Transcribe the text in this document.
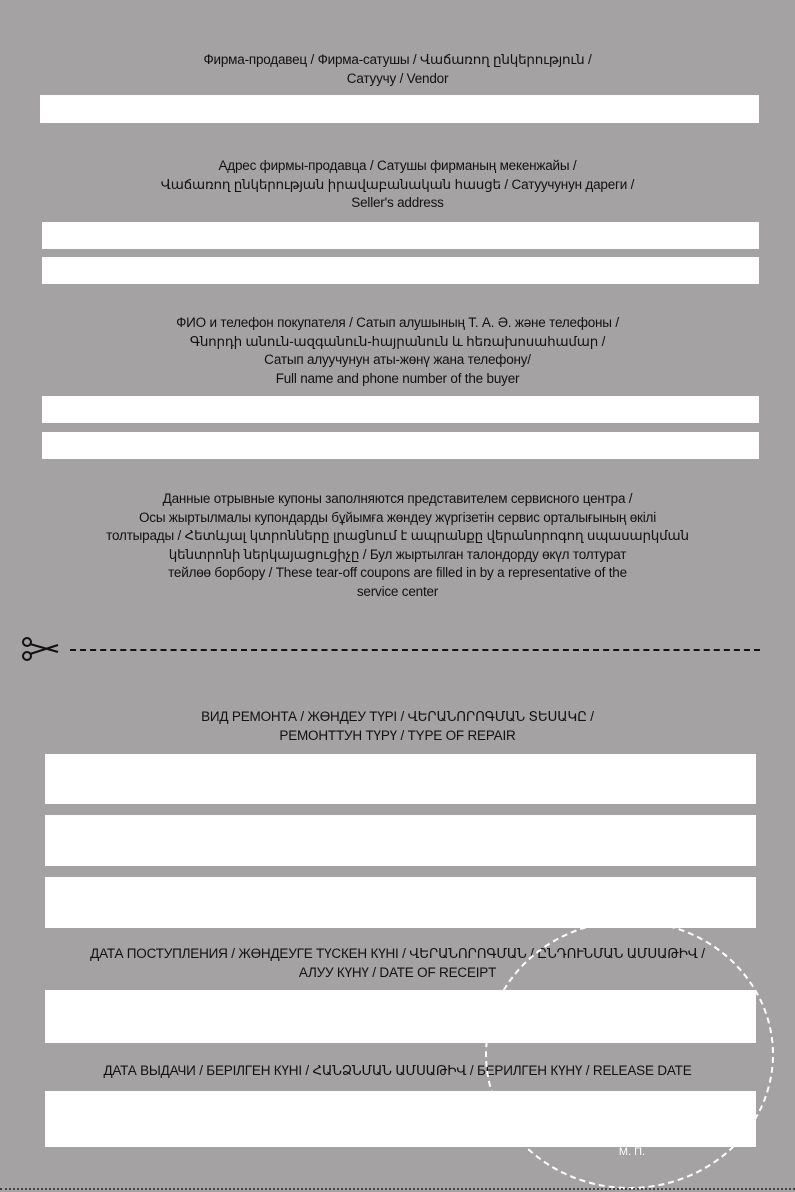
Фирма-продавец / Фирма-сатушы / Վաճառող ընկերություն /
Сатуучу / Vendor
Адрес фирмы-продавца / Сатушы фирманың мекенжайы /
Վաճառող ընկերության իրավաբանական հասցե / Сатуучунун дареги /
Seller's address
ФИО и телефон покупателя / Сатып алушының Т. А. Ә. және телефоны /
Գնորդի անուն-ազգանուն-հայրանուն և հեռախոսահամար /
Сатып алуучунун аты-жөнү жана телефону/
Full name and phone number of the buyer
Данные отрывные купоны заполняются представителем сервисного центра /
Осы жыртылмалы купондарды бұйымға жөндеу жүргізетін сервис орталығының өкілі
толтырады / Հետևյալ կտրոնները լրացնում է ապրանքը վերանորոգող սպասարկման
կենտրոնի ներկայացուցիչը / Бул жыртылган талондорду өкүл толтурат
тейлөө борбору / These tear-off coupons are filled in by a representative of the
service center
ВИД РЕМОНТА / ЖӨНДЕУ ТҮРІ / ՎԵՐԱՆՈՐՈԳՄԱՆ ՏԵՍԱԿԸ /
РЕМОНТТУН ТҮРҮ / TYPE OF REPAIR
ДАТА ПОСТУПЛЕНИЯ / ЖӨНДЕУГЕ ТҮСКЕН КҮНІ / ՎԵՐԱՆՈՐՈԳՄԱՆ / ԸՆԴՈՒՆՄԱՆ ԱՄՍԱԹԻՎ /
АЛУУ КҮНҮ / DATE OF RECEIPT
ДАТА ВЫДАЧИ / БЕРІЛГЕН КҮНІ / ՀԱՆՁՆՄԱՆ ԱՄՍԱԹԻՎ / БЕРИЛГЕН КҮНҮ / RELEASE DATE
М. П.
